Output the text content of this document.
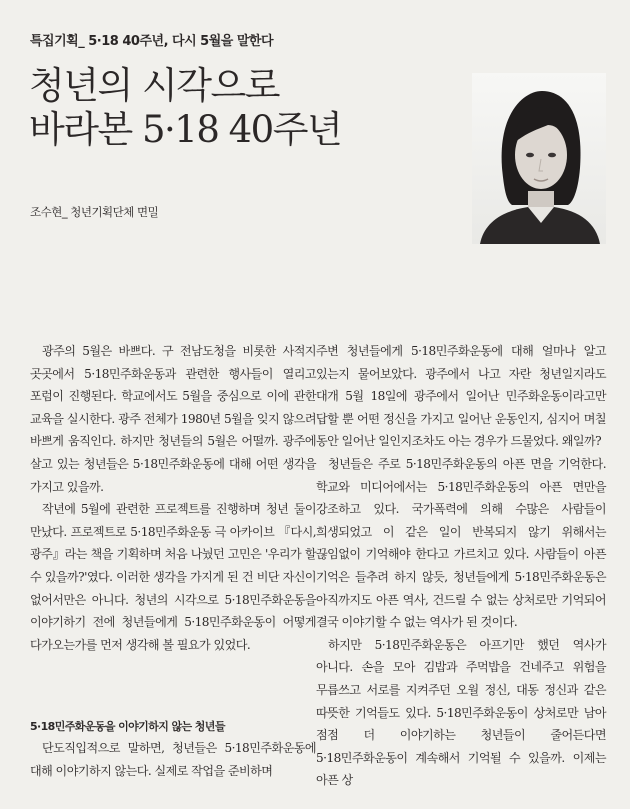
특집기획_ 5·18 40주년, 다시 5월을 말한다
청년의 시각으로
바라본 5·18 40주년
조수현_ 청년기획단체 면밀

광주의 5월은 바쁘다. 구 전남도청을 비롯한 사적지 곳곳에서 5·18민주화운동과 관련한 행사들이 열리고 포럼이 진행된다. 학교에서도 5월을 중심으로 이에 관한 교육을 실시한다. 광주 전체가 1980년 5월을 잊지 않으려 바쁘게 움직인다. 하지만 청년들의 5월은 어떨까. 광주에 살고 있는 청년들은 5·18민주화운동에 대해 어떤 생각을 가지고 있을까.

작년에 5월에 관련한 프로젝트를 진행하며 청년 둘이 만났다. 프로젝트로 5·18민주화운동 극 아카이브 『다시, 광주』라는 책을 기획하며 처음 나눴던 고민은 '우리가 할 수 있을까?'였다. 이러한 생각을 가지게 된 건 비단 자신이 없어서만은 아니다. 청년의 시각으로 5·18민주화운동을 이야기하기 전에 청년들에게 5·18민주화운동이 어떻게 다가오는가를 먼저 생각해 볼 필요가 있었다.

5·18민주화운동을 이야기하지 않는 청년들

단도직입적으로 말하면, 청년들은 5·18민주화운동에 대해 이야기하지 않는다. 실제로 작업을 준비하며

주변 청년들에게 5·18민주화운동에 대해 얼마나 알고 있는지 물어보았다. 광주에서 나고 자란 청년일지라도 대개 5월 18일에 광주에서 일어난 민주화운동이라고만 답할 뿐 어떤 정신을 가지고 일어난 운동인지, 심지어 며칠 동안 일어난 일인지조차도 아는 경우가 드물었다. 왜일까?

청년들은 주로 5·18민주화운동의 아픈 면을 기억한다. 학교와 미디어에서는 5·18민주화운동의 아픈 면만을 강조하고 있다. 국가폭력에 의해 수많은 사람들이 희생되었고 이 같은 일이 반복되지 않기 위해서는 끊임없이 기억해야 한다고 가르치고 있다. 사람들이 아픈 기억은 들추려 하지 않듯, 청년들에게 5·18민주화운동은 아직까지도 아픈 역사, 건드릴 수 없는 상처로만 기억되어 결국 이야기할 수 없는 역사가 된 것이다.

하지만 5·18민주화운동은 아프기만 했던 역사가 아니다. 손을 모아 김밥과 주먹밥을 건네주고 위험을 무릅쓰고 서로를 지켜주던 오월 정신, 대동 정신과 같은 따뜻한 기억들도 있다. 5·18민주화운동이 상처로만 남아 점점 더 이야기하는 청년들이 줄어든다면 5·18민주화운동이 계속해서 기억될 수 있을까. 이제는 아픈 상
